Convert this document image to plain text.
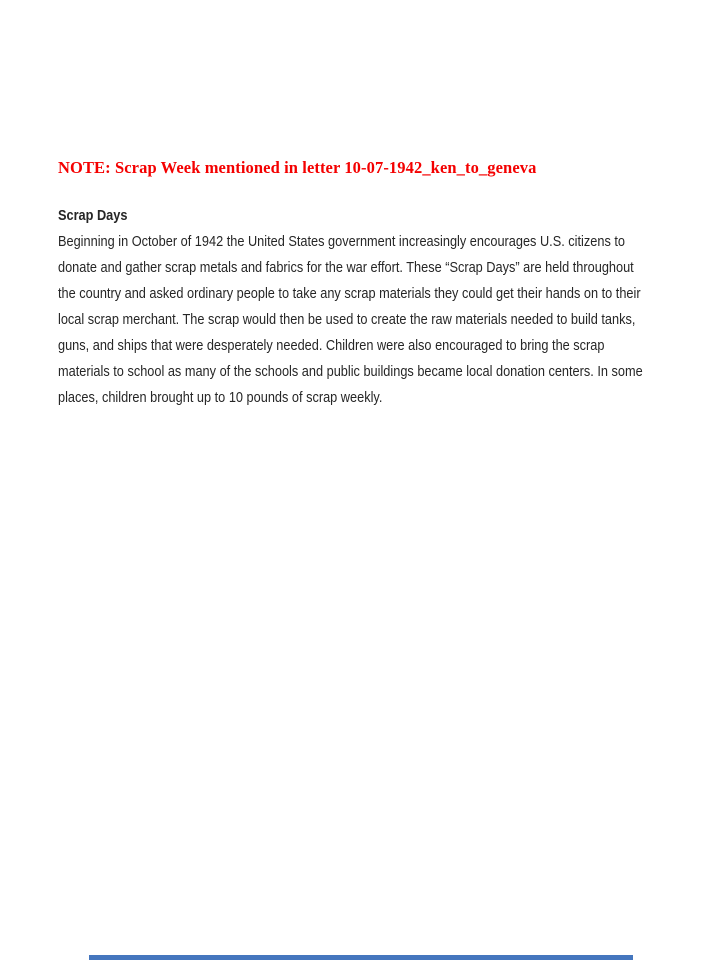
NOTE: Scrap Week mentioned in letter 10-07-1942_ken_to_geneva
Scrap Days
Beginning in October of 1942 the United States government increasingly encourages U.S. citizens to
donate and gather scrap metals and fabrics for the war effort. These “Scrap Days” are held throughout
the country and asked ordinary people to take any scrap materials they could get their hands on to their
local scrap merchant. The scrap would then be used to create the raw materials needed to build tanks,
guns, and ships that were desperately needed. Children were also encouraged to bring the scrap
materials to school as many of the schools and public buildings became local donation centers. In some
places, children brought up to 10 pounds of scrap weekly.
